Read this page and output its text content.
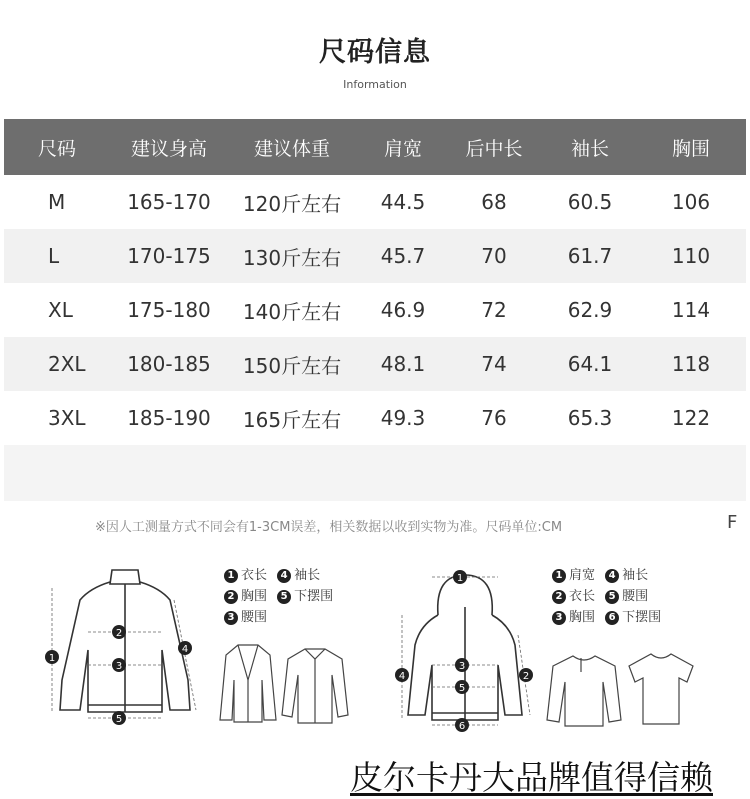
尺码信息
Information
尺码	建议身高	建议体重	肩宽	后中长	袖长	胸围
M	165-170	120斤左右	44.5	68	60.5	106
L	170-175	130斤左右	45.7	70	61.7	110
XL	175-180	140斤左右	46.9	72	62.9	114
2XL	180-185	150斤左右	48.1	74	64.1	118
3XL	185-190	165斤左右	49.3	76	65.3	122
※因人工测量方式不同会有1-3CM误差，相关数据以收到实物为准。尺码单位:CM	F
1
2
3
4
5
1 衣长
	4 袖长
2 胸围
	5 下摆围
3 腰围
1
4
3
5
2
6
1 肩宽
	4 袖长
2 衣长
	5 腰围
3 胸围
	6 下摆围
皮尔卡丹大品牌值得信赖
